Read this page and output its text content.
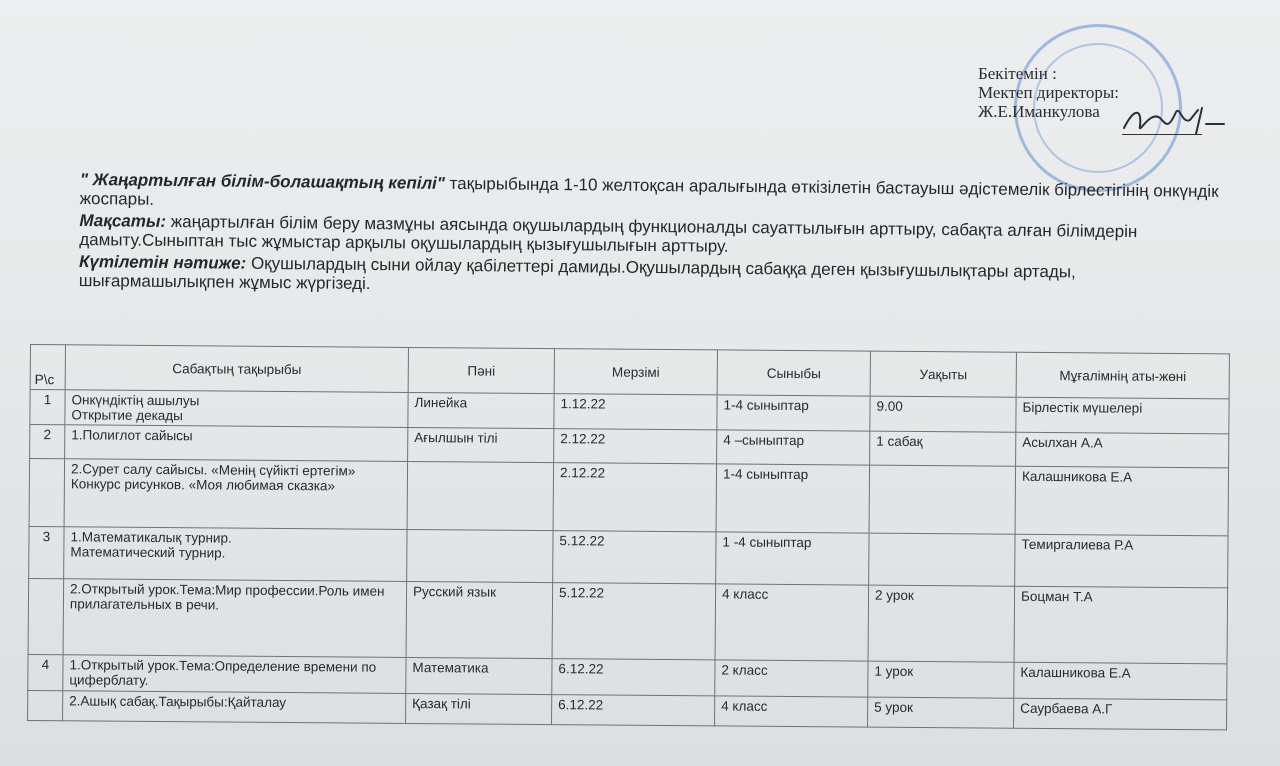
Бекітемін :
Мектеп директоры:
Ж.Е.Иманкулова

" Жаңартылған білім-болашақтың кепілі" тақырыбында 1-10 желтоқсан аралығында өткізілетін бастауыш әдістемелік бірлестігінің онкүндік жоспары.

Мақсаты: жаңартылған білім беру мазмұны аясында оқушылардың функционалды сауаттылығын арттыру, сабақта алған білімдерін дамыту.Сыныптан тыс жұмыстар арқылы оқушылардың қызығушылығын арттыру.

Күтілетін нәтиже: Оқушылардың сыни ойлау қабілеттері дамиды.Оқушылардың сабаққа деген қызығушылықтары артады, шығармашылықпен жұмыс жүргізеді.

Р\с	Сабақтың тақырыбы	Пәні	Мерзімі	Сыныбы	Уақыты	Мұғалімнің аты-жөні
1	Онкүндіктің ашылуы
Открытие декады	Линейка	1.12.22	1-4 сыныптар	9.00	Бірлестік мүшелері
2	1.Полиглот сайысы	Ағылшын тілі	2.12.22	4 –сыныптар	1 сабақ	Асылхан А.А
	2.Сурет салу сайысы. «Менің сүйікті ертегім»
Конкурс рисунков. «Моя любимая сказка»		2.12.22	1-4 сыныптар		Калашникова Е.А
3	1.Математикалық турнир.
Математический турнир.		5.12.22	1 -4 сыныптар		Темиргалиева Р.А
	2.Открытый урок.Тема:Мир профессии.Роль имен прилагательных в речи.	Русский язык	5.12.22	4 класс	2 урок	Боцман Т.А
4	1.Открытый урок.Тема:Определение времени по циферблату.	Математика	6.12.22	2 класс	1 урок	Калашникова Е.А
	2.Ашық сабақ.Тақырыбы:Қайталау	Қазақ тілі	6.12.22	4 класс	5 урок	Саурбаева А.Г
